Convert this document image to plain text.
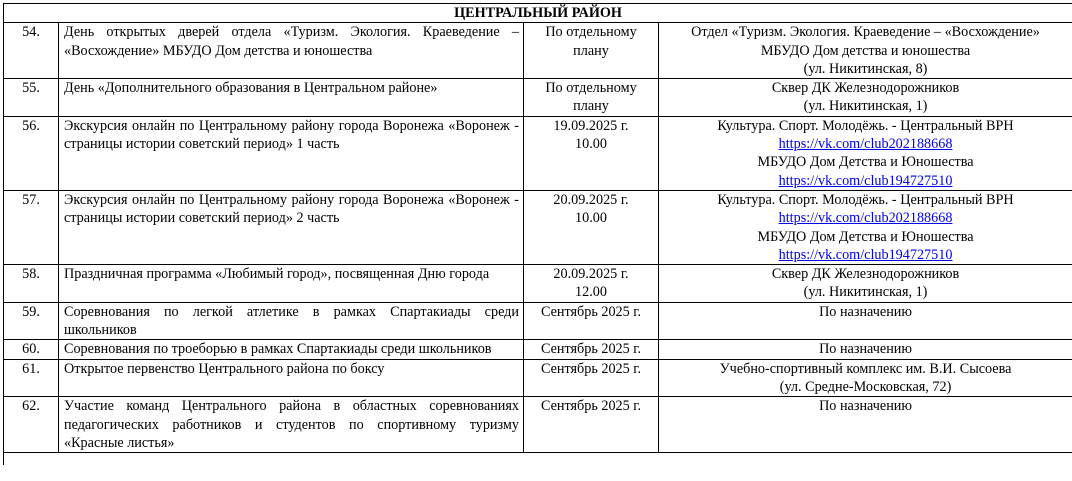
ЦЕНТРАЛЬНЫЙ РАЙОН			
54.	День открытых дверей отдела «Туризм. Экология. Краеведение – «Восхождение» МБУДО Дом детства и юношества	По отдельному
плану	Отдел «Туризм. Экология. Краеведение – «Восхождение»
МБУДО Дом детства и юношества
(ул. Никитинская, 8)

55.	День «Дополнительного образования в Центральном районе»	По отдельному
плану	Сквер ДК Железнодорожников
(ул. Никитинская, 1)

56.	Экскурсия онлайн по Центральному району города Воронежа «Воронеж - страницы истории советский период» 1 часть	19.09.2025 г.
10.00	Культура. Спорт. Молодёжь. - Центральный ВРН
https://vk.com/club202188668
МБУДО Дом Детства и Юношества
https://vk.com/club194727510

57.	Экскурсия онлайн по Центральному району города Воронежа «Воронеж - страницы истории советский период» 2 часть	20.09.2025 г.
10.00	Культура. Спорт. Молодёжь. - Центральный ВРН
https://vk.com/club202188668
МБУДО Дом Детства и Юношества
https://vk.com/club194727510

58.	Праздничная программа «Любимый город», посвященная Дню города	20.09.2025 г.
12.00	Сквер ДК Железнодорожников
(ул. Никитинская, 1)

59.	Соревнования по легкой атлетике в рамках Спартакиады среди школьников	Сентябрь 2025 г.	По назначению

60.	Соревнования по троеборью в рамках Спартакиады среди школьников	Сентябрь 2025 г.	По назначению

61.	Открытое первенство Центрального района по боксу	Сентябрь 2025 г.	Учебно-спортивный комплекс им. В.И. Сысоева
(ул. Средне-Московская, 72)

62.	Участие команд Центрального района в областных соревнованиях педагогических работников и студентов по спортивному туризму «Красные листья»	Сентябрь 2025 г.	По назначению
